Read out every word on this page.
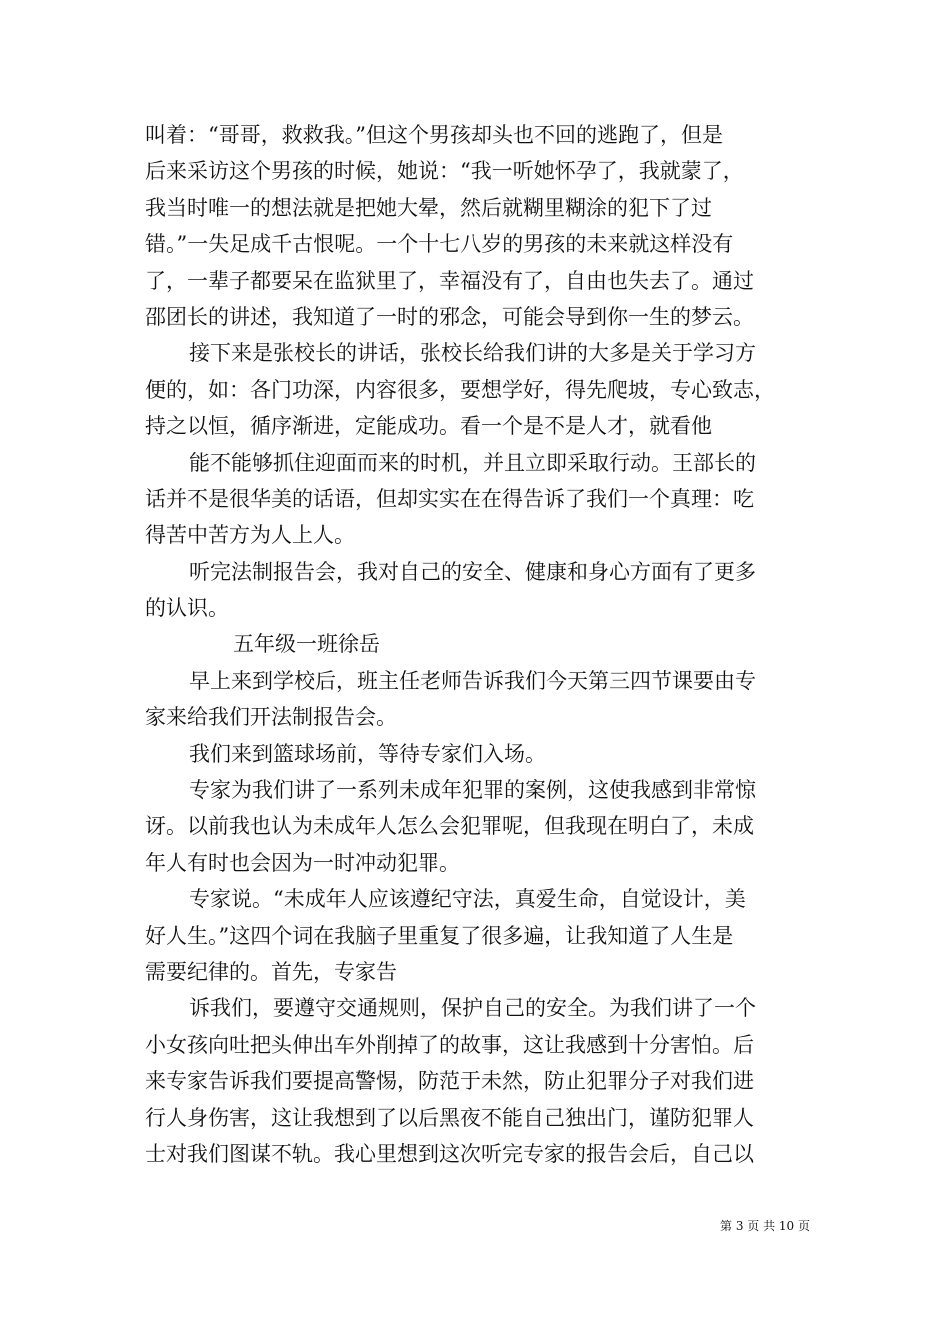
叫着：“哥哥，救救我。”但这个男孩却头也不回的逃跑了，但是
后来采访这个男孩的时候，她说：“我一听她怀孕了，我就蒙了，
我当时唯一的想法就是把她大晕，然后就糊里糊涂的犯下了过
错。”一失足成千古恨呢。一个十七八岁的男孩的未来就这样没有
了，一辈子都要呆在监狱里了，幸福没有了，自由也失去了。通过
邵团长的讲述，我知道了一时的邪念，可能会导到你一生的梦云。
接下来是张校长的讲话，张校长给我们讲的大多是关于学习方
便的，如：各门功深，内容很多，要想学好，得先爬坡，专心致志，
持之以恒，循序渐进，定能成功。看一个是不是人才，就看他
能不能够抓住迎面而来的时机，并且立即采取行动。王部长的
话并不是很华美的话语，但却实实在在得告诉了我们一个真理：吃
得苦中苦方为人上人。
听完法制报告会，我对自己的安全、健康和身心方面有了更多
的认识。
五年级一班徐岳
早上来到学校后，班主任老师告诉我们今天第三四节课要由专
家来给我们开法制报告会。
我们来到篮球场前，等待专家们入场。
专家为我们讲了一系列未成年犯罪的案例，这使我感到非常惊
讶。以前我也认为未成年人怎么会犯罪呢，但我现在明白了，未成
年人有时也会因为一时冲动犯罪。
专家说。“未成年人应该遵纪守法，真爱生命，自觉设计，美
好人生。”这四个词在我脑子里重复了很多遍，让我知道了人生是
需要纪律的。首先，专家告
诉我们，要遵守交通规则，保护自己的安全。为我们讲了一个
小女孩向吐把头伸出车外削掉了的故事，这让我感到十分害怕。后
来专家告诉我们要提高警惕，防范于未然，防止犯罪分子对我们进
行人身伤害，这让我想到了以后黑夜不能自己独出门，谨防犯罪人
士对我们图谋不轨。我心里想到这次听完专家的报告会后，自己以
第 3 页 共 10 页
